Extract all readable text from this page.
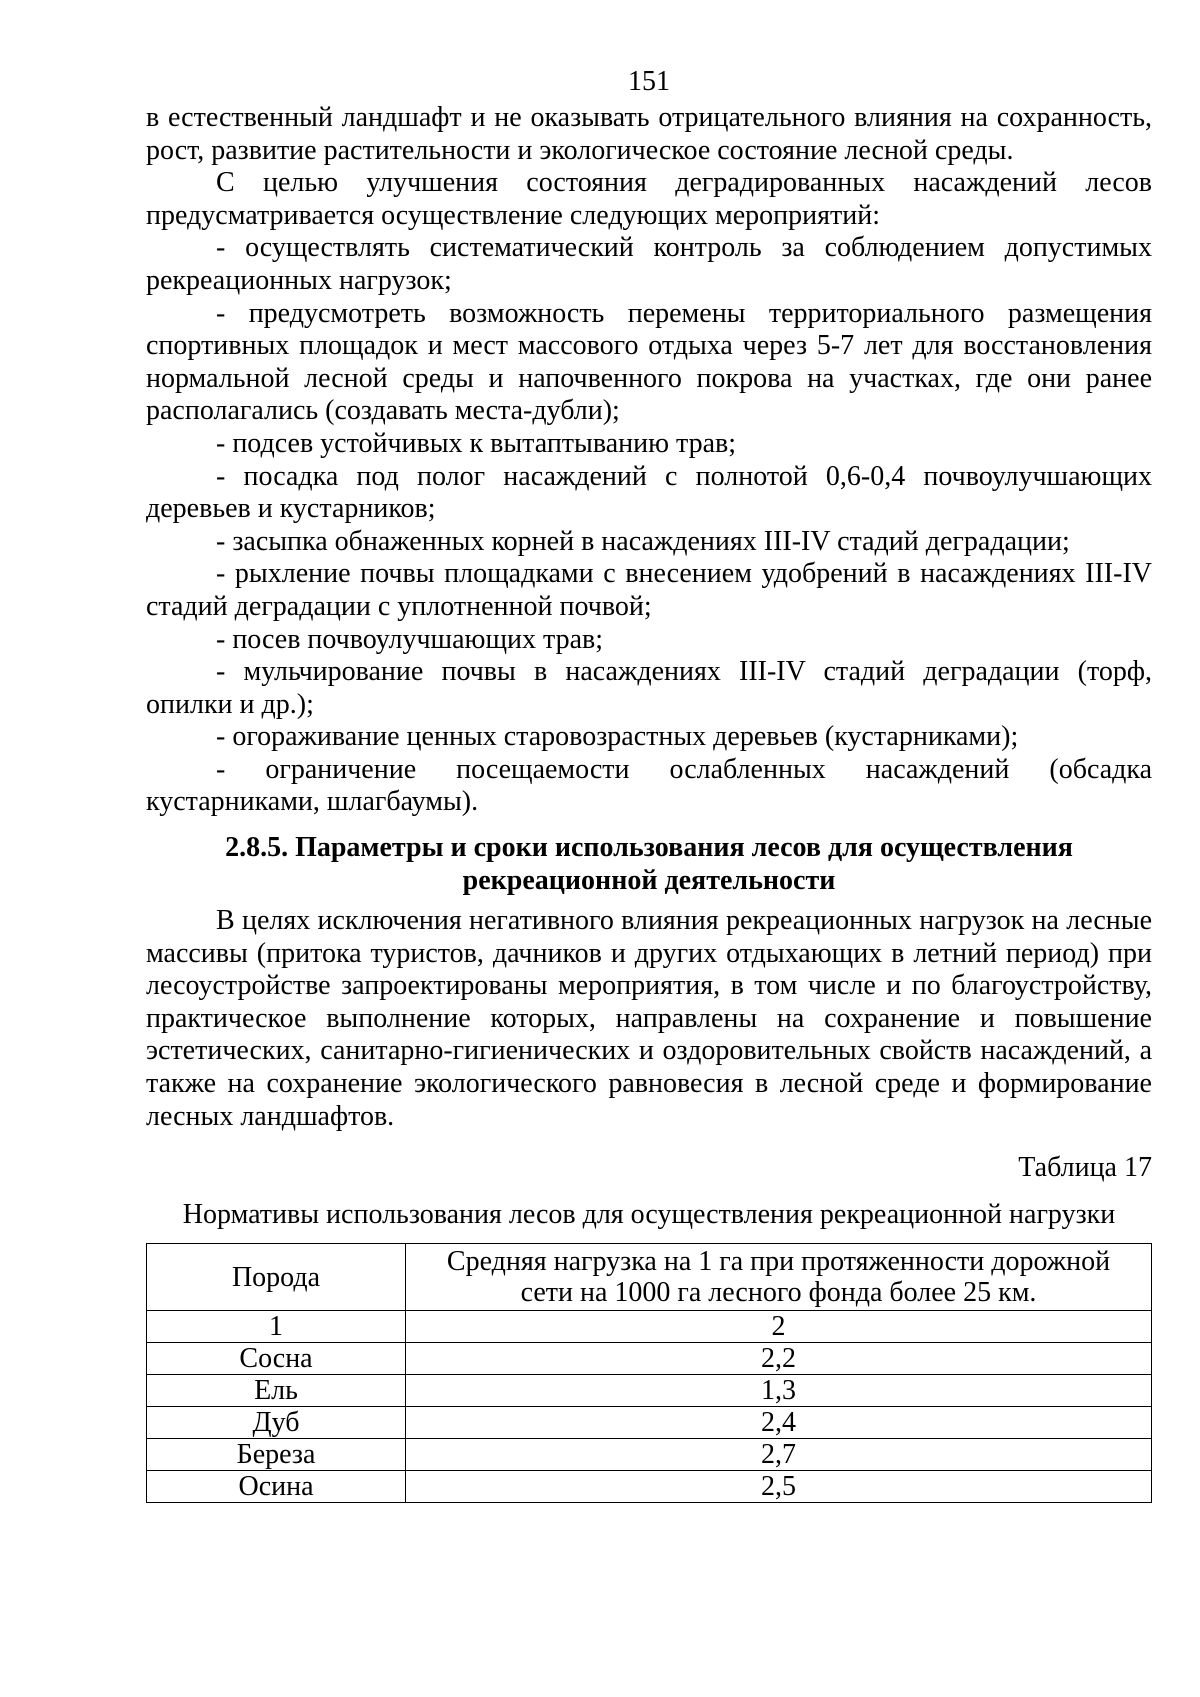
151

в естественный ландшафт и не оказывать отрицательного влияния на сохранность, рост, развитие растительности и экологическое состояние лесной среды.

С целью улучшения состояния деградированных насаждений лесов предусматривается осуществление следующих мероприятий:

- осуществлять систематический контроль за соблюдением допустимых рекреационных нагрузок;

- предусмотреть возможность перемены территориального размещения спортивных площадок и мест массового отдыха через 5-7 лет для восстановления нормальной лесной среды и напочвенного покрова на участках, где они ранее располагались (создавать места-дубли);

- подсев устойчивых к вытаптыванию трав;

- посадка под полог насаждений с полнотой 0,6-0,4 почвоулучшающих деревьев и кустарников;

- засыпка обнаженных корней в насаждениях III-IV стадий деградации;

- рыхление почвы площадками с внесением удобрений в насаждениях III-IV стадий деградации с уплотненной почвой;

- посев почвоулучшающих трав;

- мульчирование почвы в насаждениях III-IV стадий деградации (торф, опилки и др.);

- огораживание ценных старовозрастных деревьев (кустарниками);

- ограничение посещаемости ослабленных насаждений (обсадка кустарниками, шлагбаумы).

2.8.5. Параметры и сроки использования лесов для осуществления
рекреационной деятельности

В целях исключения негативного влияния рекреационных нагрузок на лесные массивы (притока туристов, дачников и других отдыхающих в летний период) при лесоустройстве запроектированы мероприятия, в том числе и по благоустройству, практическое выполнение которых, направлены на сохранение и повышение эстетических, санитарно-гигиенических и оздоровительных свойств насаждений, а также на сохранение экологического равновесия в лесной среде и формирование лесных ландшафтов.

Таблица 17
Нормативы использования лесов для осуществления рекреационной нагрузки
Порода	Средняя нагрузка на 1 га при протяженности дорожной
сети на 1000 га лесного фонда более 25 км.

1	2
Сосна	2,2
Ель	1,3
Дуб	2,4
Береза	2,7
Осина	2,5
